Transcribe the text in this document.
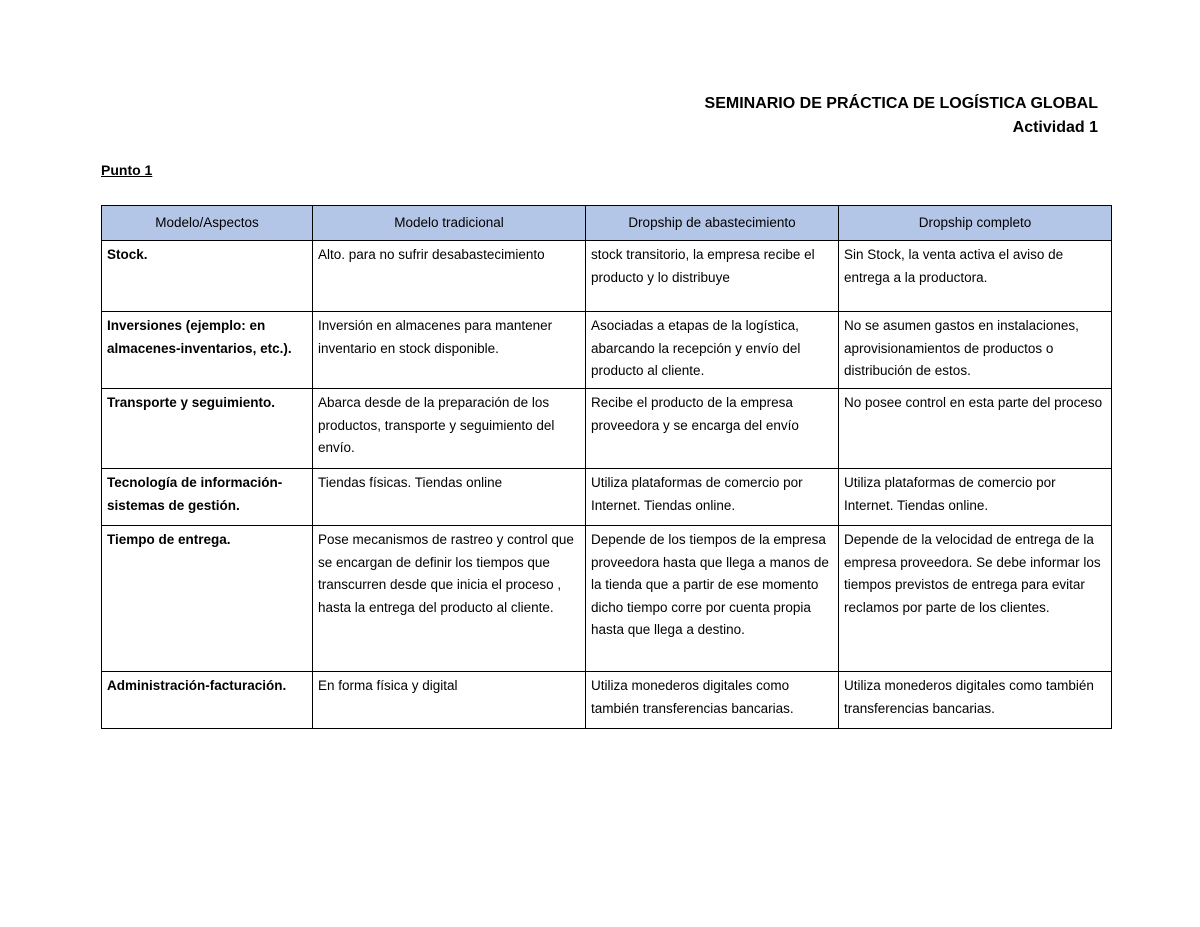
SEMINARIO DE PRÁCTICA DE LOGÍSTICA GLOBAL
Actividad 1
Punto 1
Modelo/Aspectos	Modelo tradicional	Dropship de abastecimiento	Dropship completo
Stock.	Alto. para no sufrir desabastecimiento	stock transitorio, la empresa recibe el producto y lo distribuye	Sin Stock, la venta activa el aviso de entrega a la productora.
Inversiones (ejemplo: en almacenes-inventarios, etc.).	Inversión en almacenes para mantener inventario en stock disponible.	Asociadas a etapas de la logística, abarcando la recepción y envío del producto al cliente.	No se asumen gastos en instalaciones, aprovisionamientos de productos o distribución de estos.
Transporte y seguimiento.	Abarca desde de la preparación de los productos, transporte y seguimiento del envío.	Recibe el producto de la empresa proveedora y se encarga del envío	No posee control en esta parte del proceso
Tecnología de información-sistemas de gestión.	Tiendas físicas. Tiendas online	Utiliza plataformas de comercio por Internet. Tiendas online.	Utiliza plataformas de comercio por Internet. Tiendas online.
Tiempo de entrega.	Pose mecanismos de rastreo y control que se encargan de definir los tiempos que transcurren desde que inicia el proceso , hasta la entrega del producto al cliente.	Depende de los tiempos de la empresa proveedora hasta que llega a manos de la tienda que a partir de ese momento dicho tiempo corre por cuenta propia hasta que llega a destino.	Depende de la velocidad de entrega de la empresa proveedora. Se debe informar los tiempos previstos de entrega para evitar reclamos por parte de los clientes.
Administración-facturación.	En forma física y digital	Utiliza monederos digitales como también transferencias bancarias.	Utiliza monederos digitales como también transferencias bancarias.
